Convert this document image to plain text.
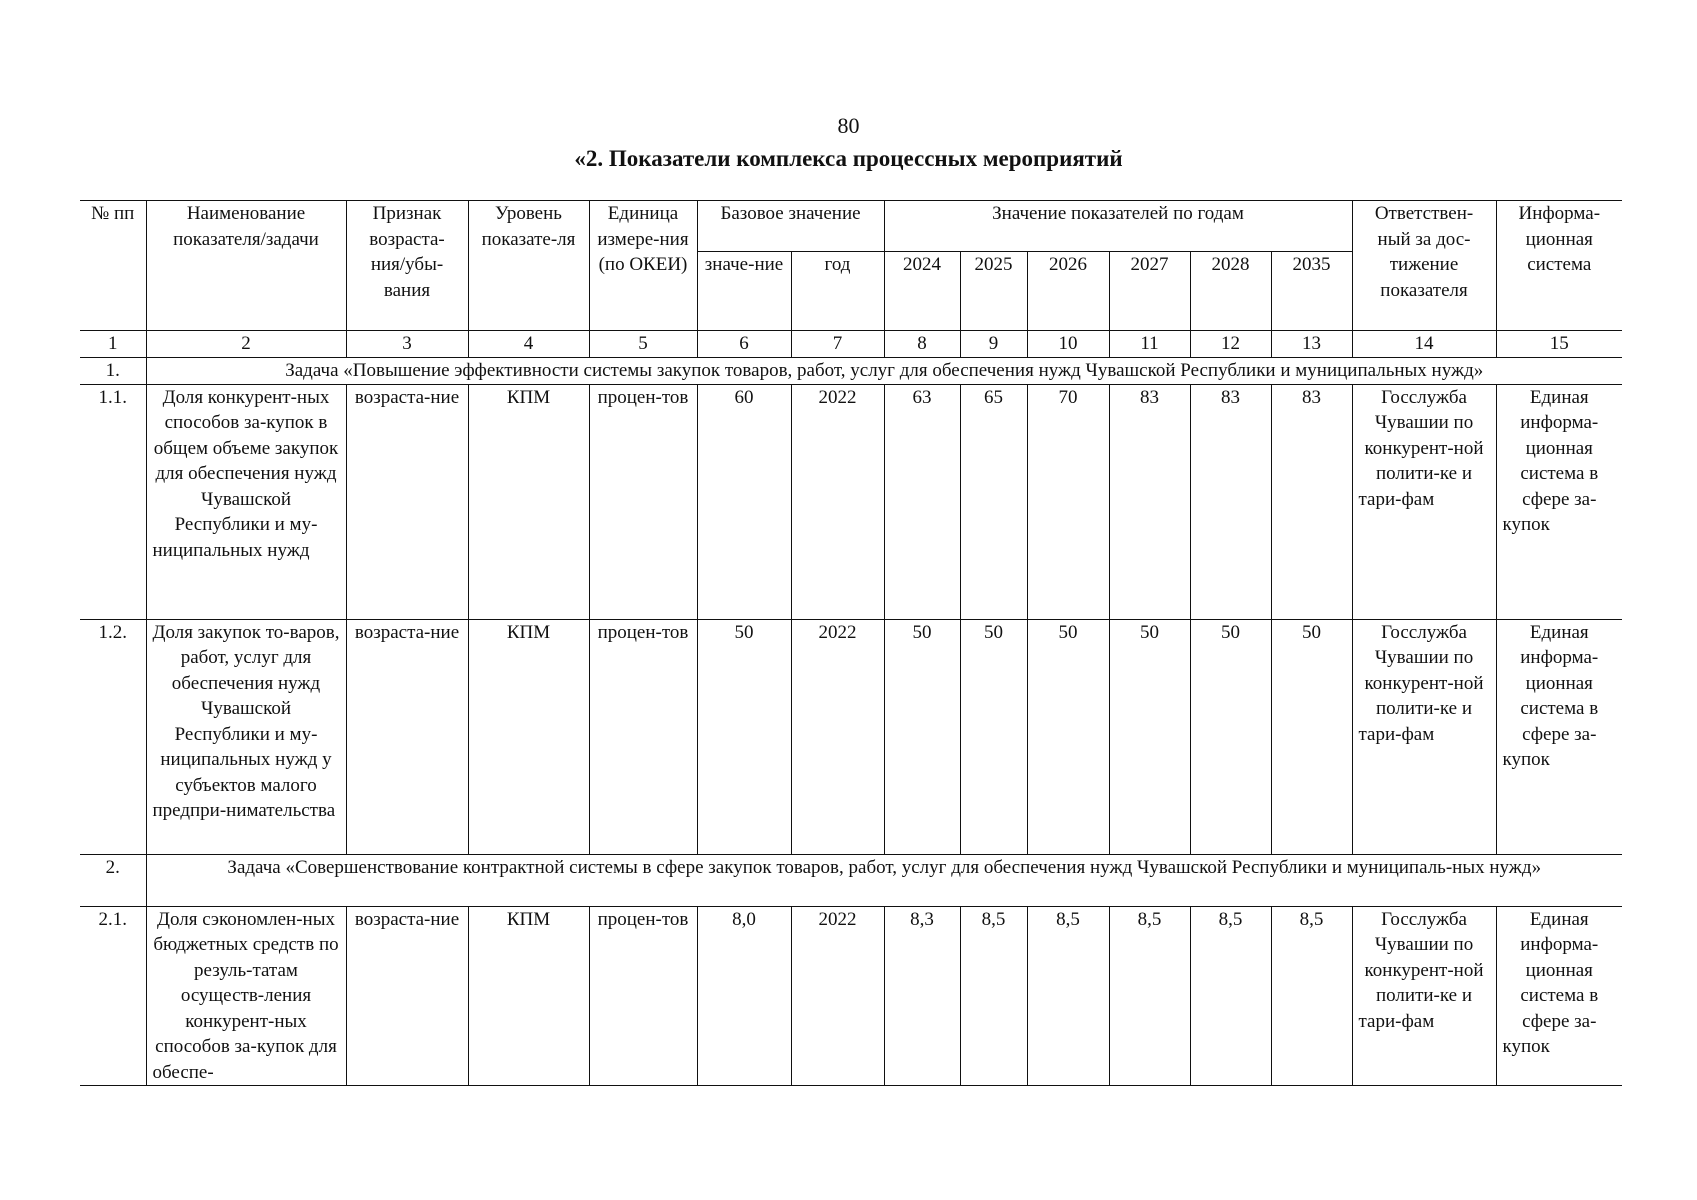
80
«2. Показатели комплекса процессных мероприятий
№ пп	Наименование показателя/задачи	Признак возраста-ния/убы-вания	Уровень показате-ля	Единица измере-ния (по ОКЕИ)	Базовое значение		Значение показателей по годам						Ответствен-ный за дос-тижение показателя	Информа-ционная система
					значе-ние	год	2024	2025	2026	2027	2028	2035		
1	2	3	4	5	6	7	8	9	10	11	12	13	14	15
1.	Задача «Повышение эффективности системы закупок товаров, работ, услуг для обеспечения нужд Чувашской Республики и муниципальных нужд»													
1.1.	Доля конкурент-ных способов за-купок в общем объеме закупок для обеспечения нужд Чувашской Республики и му-ниципальных нужд	возраста-ние	КПМ	процен-тов	60	2022	63	65	70	83	83	83	Госслужба Чувашии по конкурент-ной полити-ке и тари-фам	Единая информа-ционная система в сфере за-купок
1.2.	Доля закупок то-варов, работ, услуг для обеспечения нужд Чувашской Республики и му-ниципальных нужд у субъектов малого предпри-нимательства	возраста-ние	КПМ	процен-тов	50	2022	50	50	50	50	50	50	Госслужба Чувашии по конкурент-ной полити-ке и тари-фам	Единая информа-ционная система в сфере за-купок
2.	Задача «Совершенствование контрактной системы в сфере закупок товаров, работ, услуг для обеспечения нужд Чувашской Республики и муниципаль-ных нужд»													
2.1.	Доля сэкономлен-ных бюджетных средств по резуль-татам осуществ-ления конкурент-ных способов за-купок для обеспе-	возраста-ние	КПМ	процен-тов	8,0	2022	8,3	8,5	8,5	8,5	8,5	8,5	Госслужба Чувашии по конкурент-ной полити-ке и тари-фам	Единая информа-ционная система в сфере за-купок
